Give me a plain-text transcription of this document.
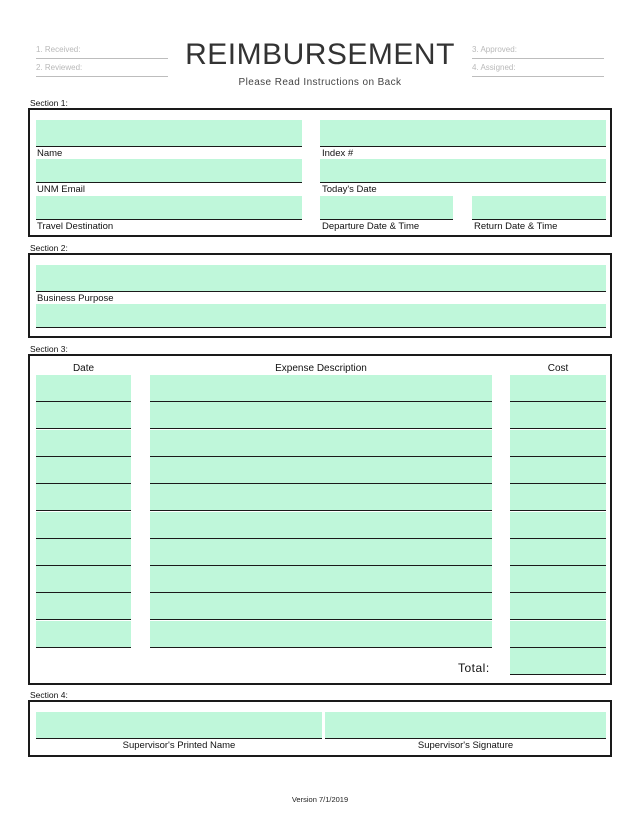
1. Received:
2. Reviewed:
3. Approved:
4. Assigned:
REIMBURSEMENT
Please Read Instructions on Back
Section 1:
Name	Index #
UNM Email	Today's Date
Travel Destination	Departure Date & Time	Return Date & Time
Section 2:
Business Purpose
Section 3:
Date	Expense Description	Cost
Total:
Section 4:
Supervisor's Printed Name	Supervisor's Signature
Version 7/1/2019
